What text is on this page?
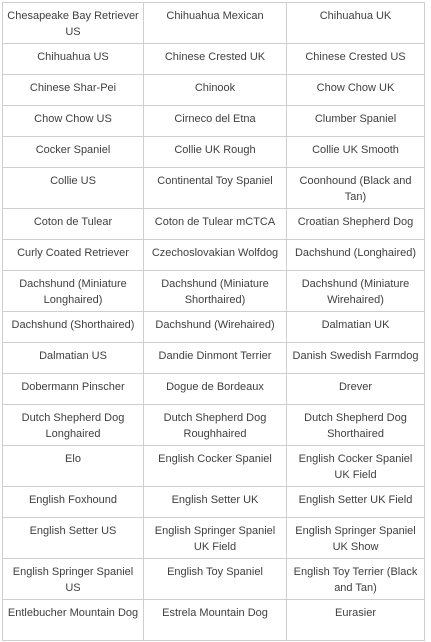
Chesapeake Bay Retriever US	Chihuahua Mexican	Chihuahua UK
Chihuahua US	Chinese Crested UK	Chinese Crested US
Chinese Shar-Pei	Chinook	Chow Chow UK
Chow Chow US	Cirneco del Etna	Clumber Spaniel
Cocker Spaniel	Collie UK Rough	Collie UK Smooth
Collie US	Continental Toy Spaniel	Coonhound (Black and Tan)
Coton de Tulear	Coton de Tulear mCTCA	Croatian Shepherd Dog
Curly Coated Retriever	Czechoslovakian Wolfdog	Dachshund (Longhaired)
Dachshund (Miniature Longhaired)	Dachshund (Miniature Shorthaired)	Dachshund (Miniature Wirehaired)
Dachshund (Shorthaired)	Dachshund (Wirehaired)	Dalmatian UK
Dalmatian US	Dandie Dinmont Terrier	Danish Swedish Farmdog
Dobermann Pinscher	Dogue de Bordeaux	Drever
Dutch Shepherd Dog Longhaired	Dutch Shepherd Dog Roughhaired	Dutch Shepherd Dog Shorthaired
Elo	English Cocker Spaniel	English Cocker Spaniel UK Field
English Foxhound	English Setter UK	English Setter UK Field
English Setter US	English Springer Spaniel UK Field	English Springer Spaniel UK Show
English Springer Spaniel US	English Toy Spaniel	English Toy Terrier (Black and Tan)
Entlebucher Mountain Dog	Estrela Mountain Dog	Eurasier
